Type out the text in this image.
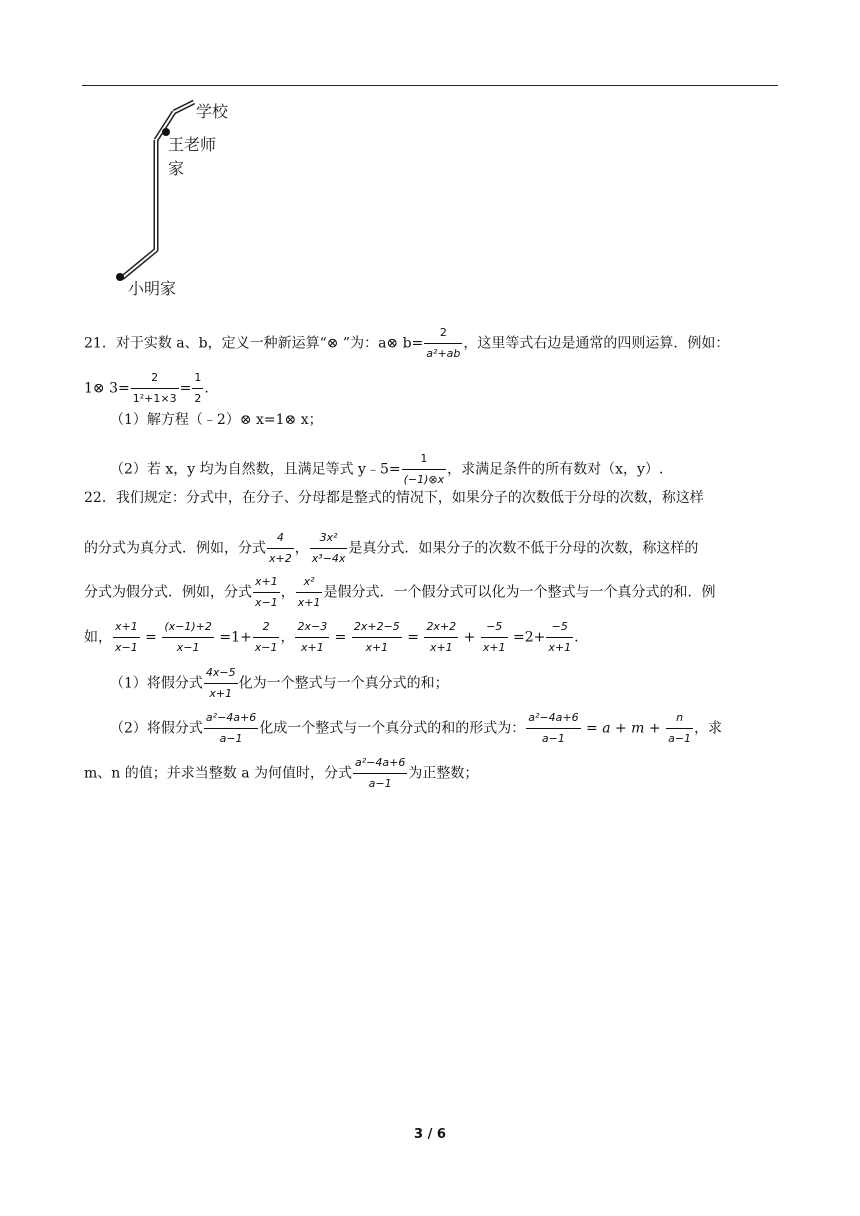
学校
王老师
家
小明家
21．对于实数 a、b，定义一种新运算“⊗ ”为：a⊗ $b= \frac{2}{\text{a²+ab}}$ ，这里等式右边是通常的四则运算．例如：
1⊗ $3= \frac{2}{\text{1²+1×3}} = \frac{1}{2}$ .
（1）解方程（﹣2）⊗ x=1⊗ x；
（2）若 x，y 均为自然数，且满足等式 y﹣5= $\frac{1}{(-1)\otimes x}$ ，求满足条件的所有数对（x，y）.
22．我们规定：分式中，在分子、分母都是整式的情况下，如果分子的次数低于分母的次数，称这样
的分式为真分式．例如，分式 $\frac{4}{x+2}$ ， $\frac{\text{3x²}}{\text{x³−4x}}$ 是真分式．如果分子的次数不低于分母的次数，称这样的
分式为假分式．例如，分式 $\frac{x+1}{x-1}$ ， $\frac{\text{x²}}{x+1}$ 是假分式．一个假分式可以化为一个整式与一个真分式的和．例
如， $\frac{x+1}{x-1} = \frac{(x-1)+2}{x-1} =1+ \frac{2}{x-1}$ ， $\frac{2x-3}{x+1} = \frac{2x+2-5}{x+1} = \frac{2x+2}{x+1} + \frac{-5}{x+1} =2+ \frac{-5}{x+1}$ .
（1）将假分式 $\frac{4x-5}{x+1}$ 化为一个整式与一个真分式的和；
（2）将假分式 $\frac{\text{a²−4a+6}}{a-1}$ 化成一个整式与一个真分式的和的形式为： $\frac{\text{a²−4a+6}}{a-1} = a + m + \frac{n}{a-1}$ ，求
m、n 的值；并求当整数 a 为何值时，分式 $\frac{\text{a²−4a+6}}{a-1}$ 为正整数；
3 / 6
